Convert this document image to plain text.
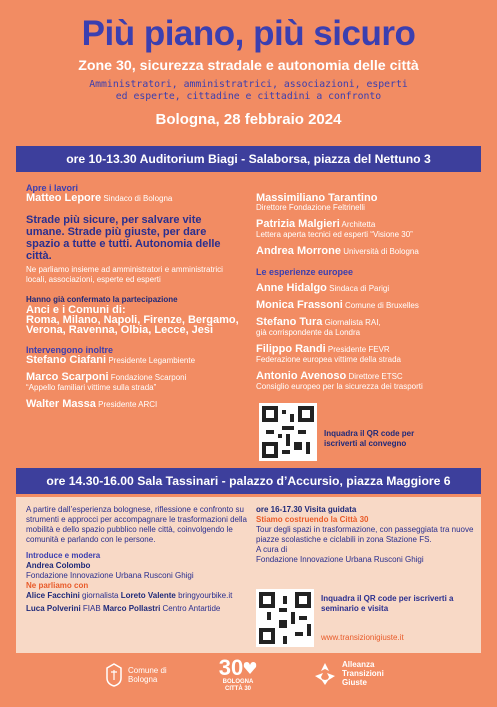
Più piano, più sicuro
Zone 30, sicurezza stradale e autonomia delle città
Amministratori, amministratrici, associazioni, esperti
ed esperte, cittadine e cittadini a confronto
Bologna, 28 febbraio 2024
ore 10-13.30 Auditorium Biagi - Salaborsa, piazza del Nettuno 3
Apre i lavori
Matteo Lepore Sindaco di Bologna
Strade più sicure, per salvare vite umane. Strade più giuste, per dare spazio a tutte e tutti. Autonomia delle città.
Ne parliamo insieme ad amministratori e amministratrici locali, associazioni, esperte ed esperti
Hanno già confermato la partecipazione
Anci e i Comuni di:
Roma, Milano, Napoli, Firenze, Bergamo, Verona, Ravenna, Olbia, Lecce, Jesi
Intervengono inoltre
Stefano Ciafani Presidente Legambiente
Marco Scarponi Fondazione Scarponi
“Appello familiari vittime sulla strada”
Walter Massa Presidente ARCI
Massimiliano Tarantino
Direttore Fondazione Feltrinelli
Patrizia Malgieri Architetta
Lettera aperta tecnici ed esperti “Visione 30”
Andrea Morrone Università di Bologna
Le esperienze europee
Anne Hidalgo Sindaca di Parigi
Monica Frassoni Comune di Bruxelles
Stefano Tura Giornalista RAI,
già corrispondente da Londra
Filippo Randi Presidente FEVR
Federazione europea vittime della strada
Antonio Avenoso Direttore ETSC
Consiglio europeo per la sicurezza dei trasporti
Inquadra il QR code per iscriverti al convegno
ore 14.30-16.00 Sala Tassinari - palazzo d’Accursio, piazza Maggiore 6
A partire dall’esperienza bolognese, riflessione e confronto su strumenti e approcci per accompagnare le trasformazioni della mobilità e dello spazio pubblico nelle città, coinvolgendo le comunità e parlando con le persone.
Introduce e modera
Andrea Colombo
Fondazione Innovazione Urbana Rusconi Ghigi
Ne parliamo con
Alice Facchini giornalista Loreto Valente bringyourbike.it
Luca Polverini FIAB Marco Pollastri Centro Antartide
ore 16-17.30 Visita guidata
Stiamo costruendo la Città 30
Tour degli spazi in trasformazione, con passeggiata tra nuove piazze scolastiche e ciclabili in zona Stazione FS.
A cura di
Fondazione Innovazione Urbana Rusconi Ghigi
Inquadra il QR code per iscriverti a seminario e visita
www.transizionigiuste.it
Comune di Bologna	30
BOLOGNA CITTÀ 30
Alleanza Transizioni Giuste
